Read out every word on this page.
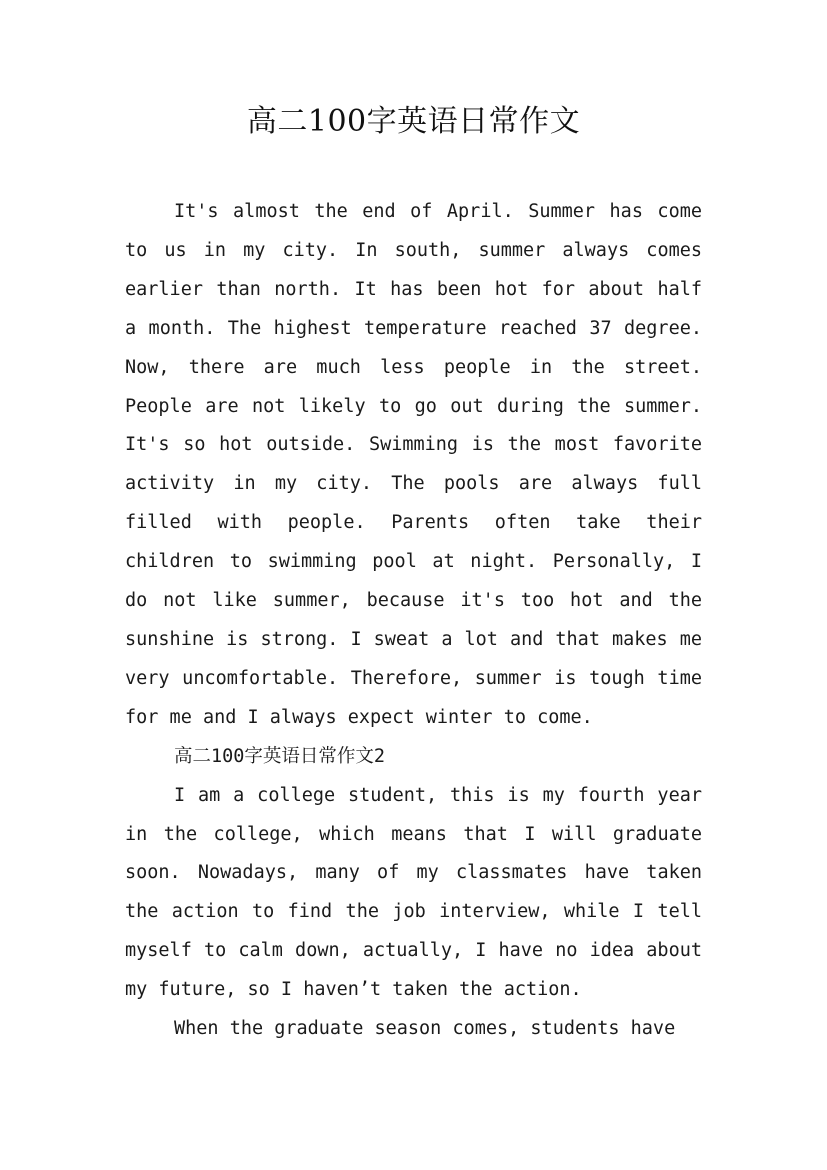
高二100字英语日常作文

It's almost the end of April. Summer has come to us in my city. In south, summer always comes earlier than north. It has been hot for about half a month. The highest temperature reached 37 degree. Now, there are much less people in the street. People are not likely to go out during the summer. It's so hot outside. Swimming is the most favorite activity in my city. The pools are always full filled with people. Parents often take their children to swimming pool at night. Personally, I do not like summer, because it's too hot and the sunshine is strong. I sweat a lot and that makes me very uncomfortable. Therefore, summer is tough time for me and I always expect winter to come.

高二100字英语日常作文2

I am a college student, this is my fourth year in the college, which means that I will graduate soon. Nowadays, many of my classmates have taken the action to find the job interview, while I tell myself to calm down, actually, I have no idea about my future, so I haven’t taken the action.

When the graduate season comes, students have
